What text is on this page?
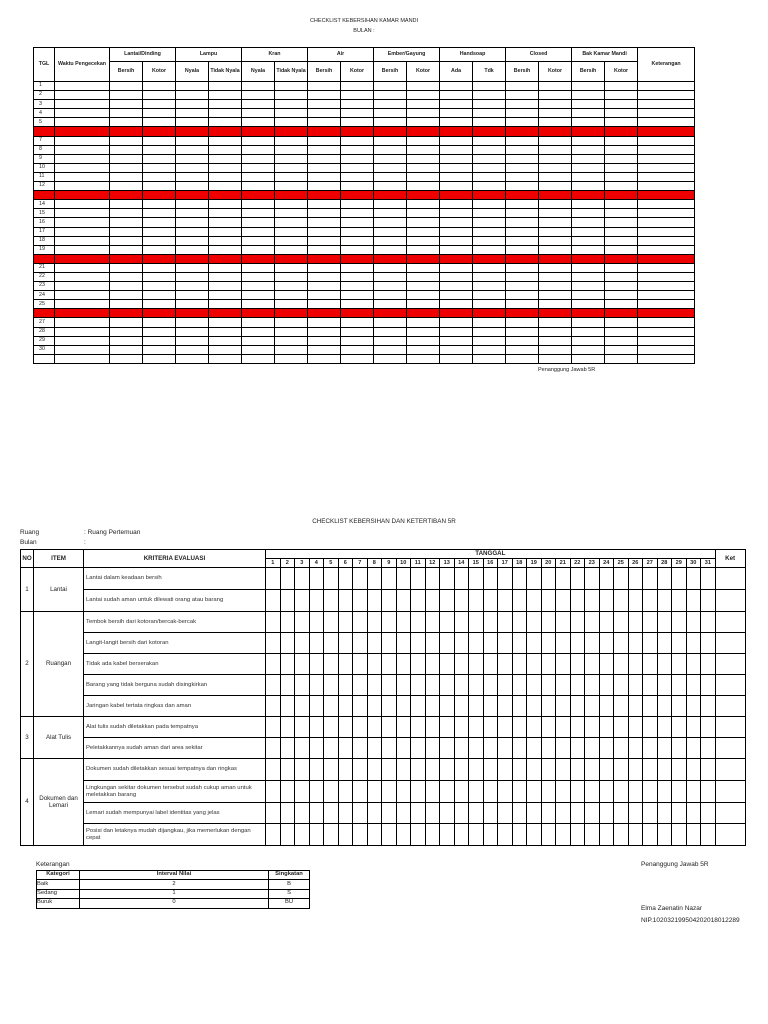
CHECKLIST KEBERSIHAN KAMAR MANDI
BULAN :
TGL	Waktu Pengecekan	Lantai/Dinding		Lampu		Kran		Air		Ember/Gayung		Handsoap		Closed		Bak Kamar Mandi		Keterangan
		Bersih	Kotor	Nyala	Tidak Nyala	Nyala	Tidak Nyala	Bersih	Kotor	Bersih	Kotor	Ada	Tdk	Bersih	Kotor	Bersih	Kotor	
1																		
2																		
3																		
4																		
5																		
6																		
7																		
8																		
9																		
10																		
11																		
12																		
13																		
14																		
15																		
16																		
17																		
18																		
19																		
20																		
21																		
22																		
23																		
24																		
25																		
26																		
27																		
28																		
29																		
30																		

Penanggung Jawab 5R
CHECKLIST KEBERSIHAN DAN KETERTIBAN 5R
Ruang	: Ruang Pertemuan
Bulan	:
NO	ITEM	KRITERIA EVALUASI	TANGGAL																															Ket
			1	2	3	4	5	6	7	8	9	10	11	12	13	14	15	16	17	18	19	20	21	22	23	24	25	26	27	28	29	30	31	
1	Lantai	Lantai dalam keadaan bersih																																
		Lantai sudah aman untuk dilewati orang atau barang																																
2	Ruangan	Tembok bersih dari kotoran/bercak-bercak																																
		Langit-langit bersih dari kotoran																																
		Tidak ada kabel berserakan																																
		Barang yang tidak berguna sudah disingkirkan																																
		Jaringan kabel tertata ringkas dan aman																																
3	Alat Tulis	Alat tulis sudah diletakkan pada tempatnya																																
		Peletakkannya sudah aman dari area sekitar																																
4	Dokumen dan Lemari	Dokumen sudah diletakkan sesuai tempatnya dan ringkas																																
		Lingkungan sekitar dokumen tersebut sudah cukup aman untuk meletakkan barang																																
		Lemari sudah mempunyai label identitas yang jelas																																
		Posisi dan letaknya mudah dijangkau, jika memerlukan dengan cepat																																
Keterangan
Kategori	Interval Nilai	Singkatan
Baik	2	B
Sedang	1	S
Buruk	0	BU
Penanggung Jawab 5R
Elma Zaenatin Nazar
NIP.102032199504202018012289
